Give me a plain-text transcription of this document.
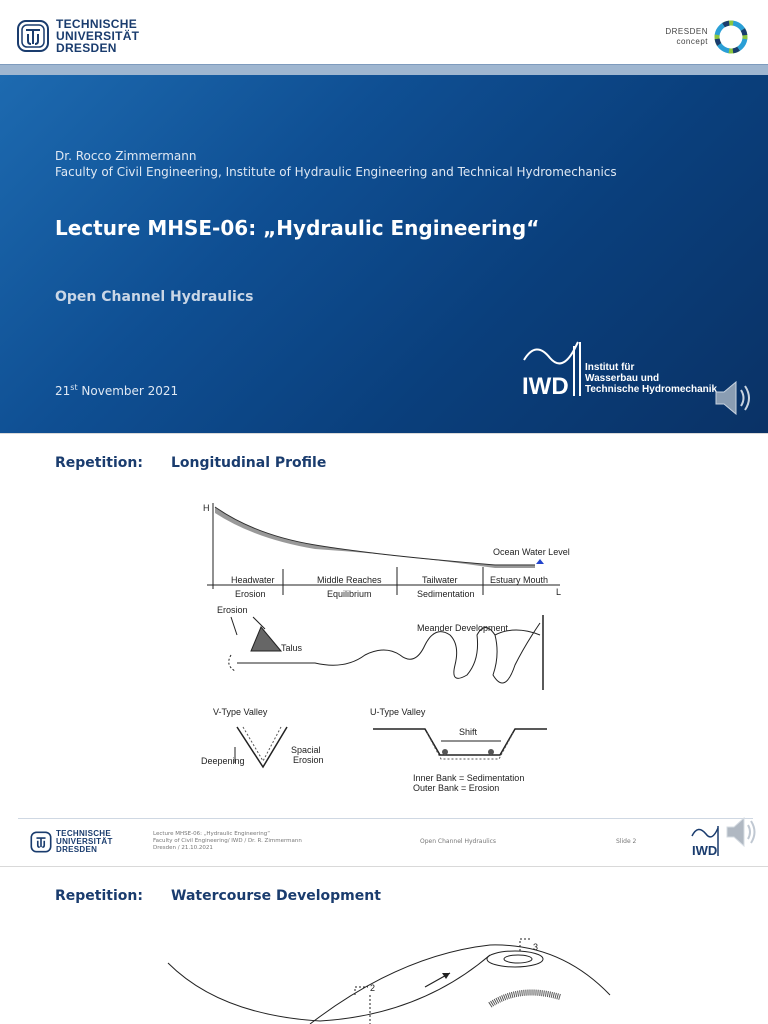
TECHNISCHE
UNIVERSITÄT
DRESDEN
DRESDEN
concept
Dr. Rocco Zimmermann
Faculty of Civil Engineering, Institute of Hydraulic Engineering and Technical Hydromechanics
Lecture MHSE-06: „Hydraulic Engineering“
Open Channel Hydraulics
21st November 2021	IWD
Institut für
Wasserbau und
Technische Hydromechanik
Repetition: Longitudinal Profile
H
L
Ocean Water Level
Headwater
Erosion
Middle Reaches
Equilibrium
Tailwater
Sedimentation
Estuary Mouth
Erosion
Talus
Meander Development
V-Type Valley
Spacial
Erosion
Deepening
U-Type Valley
Shift
Inner Bank = Sedimentation
Outer Bank = Erosion
TECHNISCHE
UNIVERSITÄT
DRESDEN
Lecture MHSE-06: „Hydraulic Engineering“
Faculty of Civil Engineering/ IWD / Dr. R. Zimmermann
Dresden / 21.10.2021
Open Channel Hydraulics	Slide 2
IWD
Repetition: Watercourse Development
3
2
